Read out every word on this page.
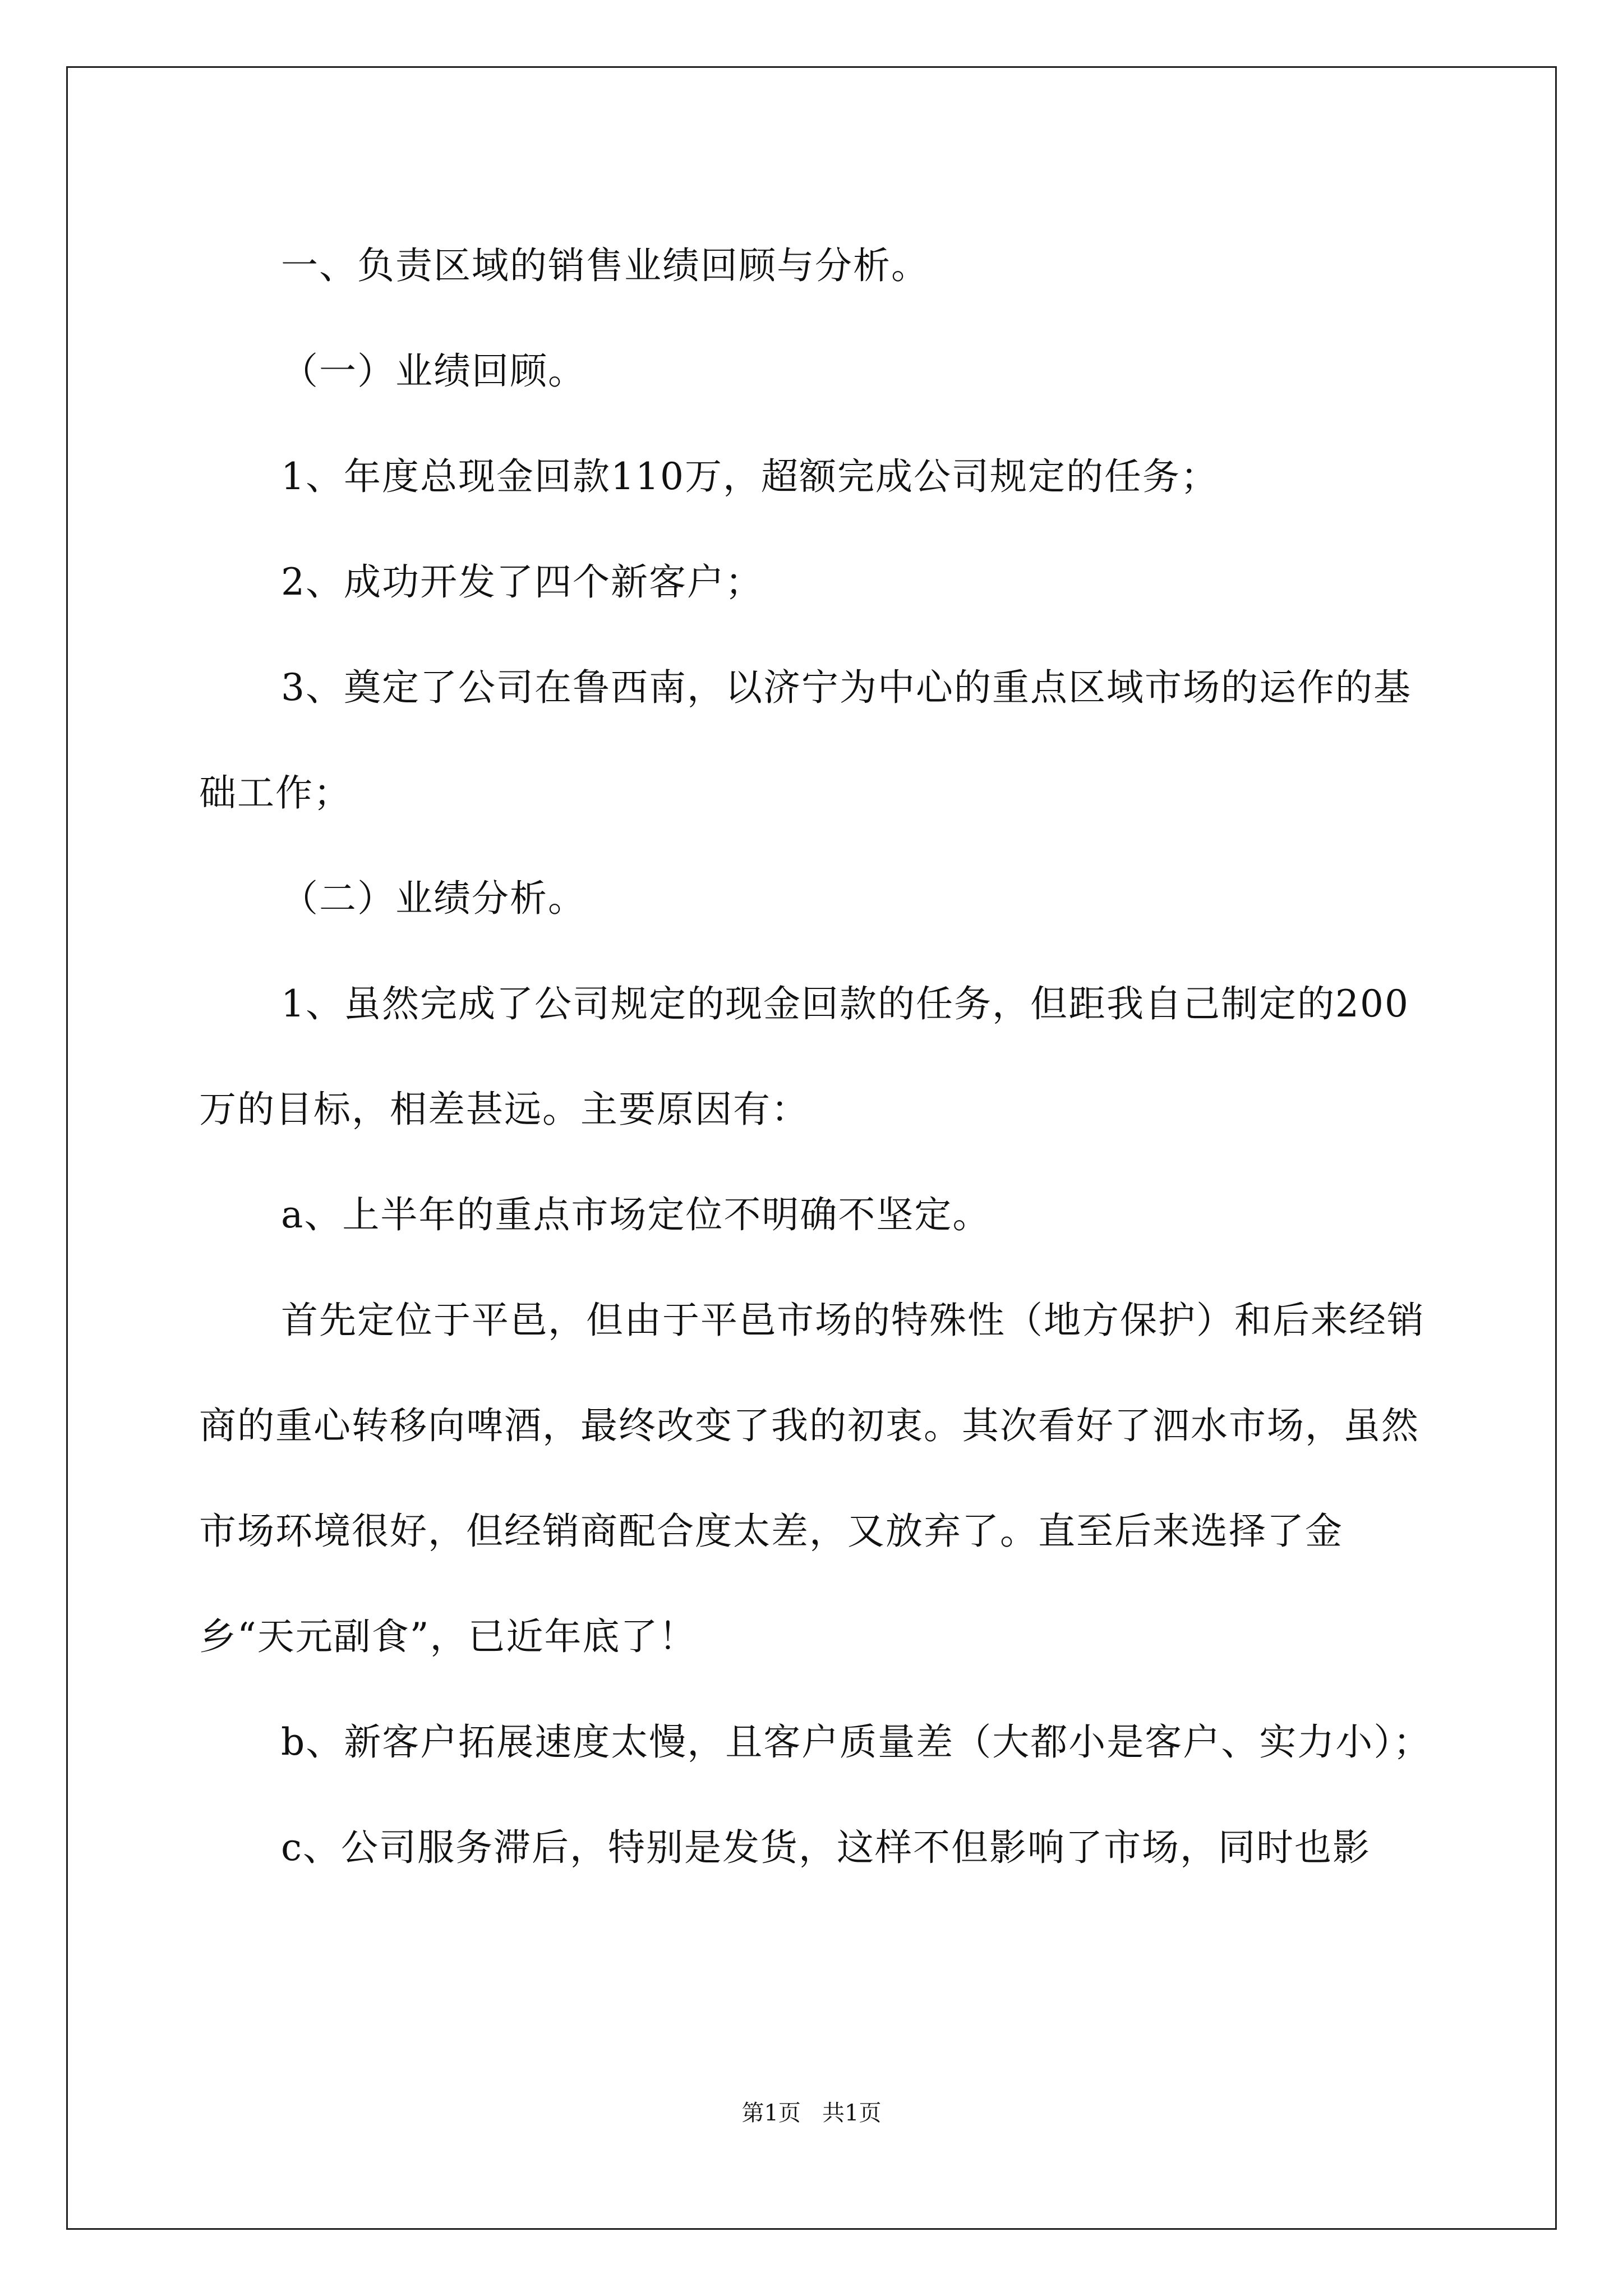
一、负责区域的销售业绩回顾与分析。

（一）业绩回顾。

1、年度总现金回款110万，超额完成公司规定的任务；

2、成功开发了四个新客户；

3、奠定了公司在鲁西南，以济宁为中心的重点区域市场的运作的基础工作；

（二）业绩分析。

1、虽然完成了公司规定的现金回款的任务，但距我自己制定的200万的目标，相差甚远。主要原因有：

a、上半年的重点市场定位不明确不坚定。

首先定位于平邑，但由于平邑市场的特殊性（地方保护）和后来经销商的重心转移向啤酒，最终改变了我的初衷。其次看好了泗水市场，虽然市场环境很好，但经销商配合度太差，又放弃了。直至后来选择了金乡“天元副食”，已近年底了！

b、新客户拓展速度太慢，且客户质量差（大都小是客户、实力小）；

c、公司服务滞后，特别是发货，这样不但影响了市场，同时也影

第1页   共1页
